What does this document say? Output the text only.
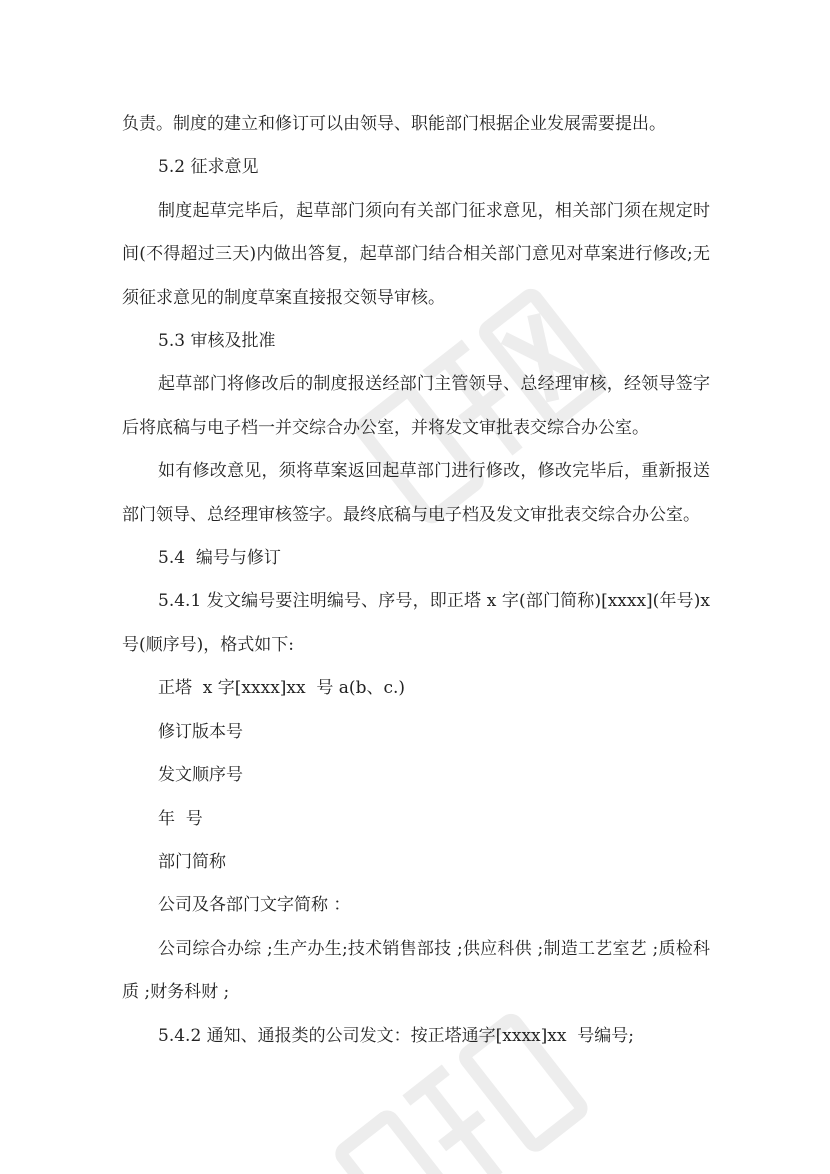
负责。制度的建立和修订可以由领导、职能部门根据企业发展需要提出。

5.2 征求意见

制度起草完毕后，起草部门须向有关部门征求意见，相关部门须在规定时间(不得超过三天)内做出答复，起草部门结合相关部门意见对草案进行修改;无须征求意见的制度草案直接报交领导审核。

5.3 审核及批准

起草部门将修改后的制度报送经部门主管领导、总经理审核，经领导签字后将底稿与电子档一并交综合办公室，并将发文审批表交综合办公室。

如有修改意见，须将草案返回起草部门进行修改，修改完毕后，重新报送部门领导、总经理审核签字。最终底稿与电子档及发文审批表交综合办公室。

5.4  编号与修订

5.4.1 发文编号要注明编号、序号，即正塔 x 字(部门简称)[xxxx](年号)x 号(顺序号)，格式如下:

正塔  x 字[xxxx]xx  号 a(b、c.)

修订版本号

发文顺序号

年  号

部门简称

公司及各部门文字简称 ：

公司综合办综 ;生产办生;技术销售部技 ;供应科供 ;制造工艺室艺 ;质检科质 ;财务科财 ;

5.4.2 通知、通报类的公司发文：按正塔通字[xxxx]xx  号编号;
